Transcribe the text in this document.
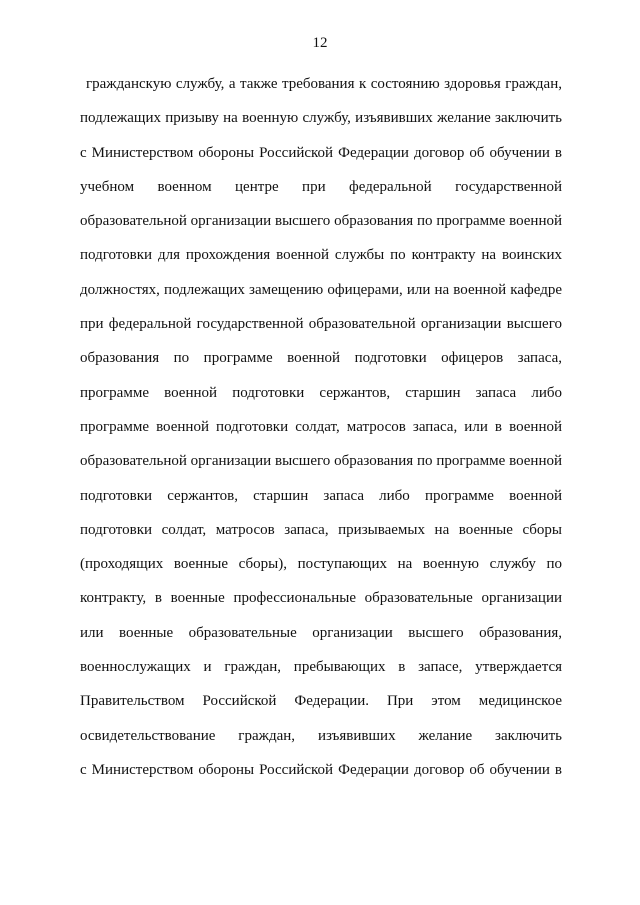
12
гражданскую службу, а также требования к состоянию здоровья граждан,
подлежащих призыву на военную службу, изъявивших желание заключить
с Министерством обороны Российской Федерации договор об обучении в
учебном военном центре при федеральной государственной
образовательной организации высшего образования по программе военной
подготовки для прохождения военной службы по контракту на воинских
должностях, подлежащих замещению офицерами, или на военной кафедре
при федеральной государственной образовательной организации высшего
образования по программе военной подготовки офицеров запаса,
программе военной подготовки сержантов, старшин запаса либо
программе военной подготовки солдат, матросов запаса, или в военной
образовательной организации высшего образования по программе военной
подготовки сержантов, старшин запаса либо программе военной
подготовки солдат, матросов запаса, призываемых на военные сборы
(проходящих военные сборы), поступающих на военную службу по
контракту, в военные профессиональные образовательные организации
или военные образовательные организации высшего образования,
военнослужащих и граждан, пребывающих в запасе, утверждается
Правительством Российской Федерации. При этом медицинское
освидетельствование граждан, изъявивших желание заключить
с Министерством обороны Российской Федерации договор об обучении в
